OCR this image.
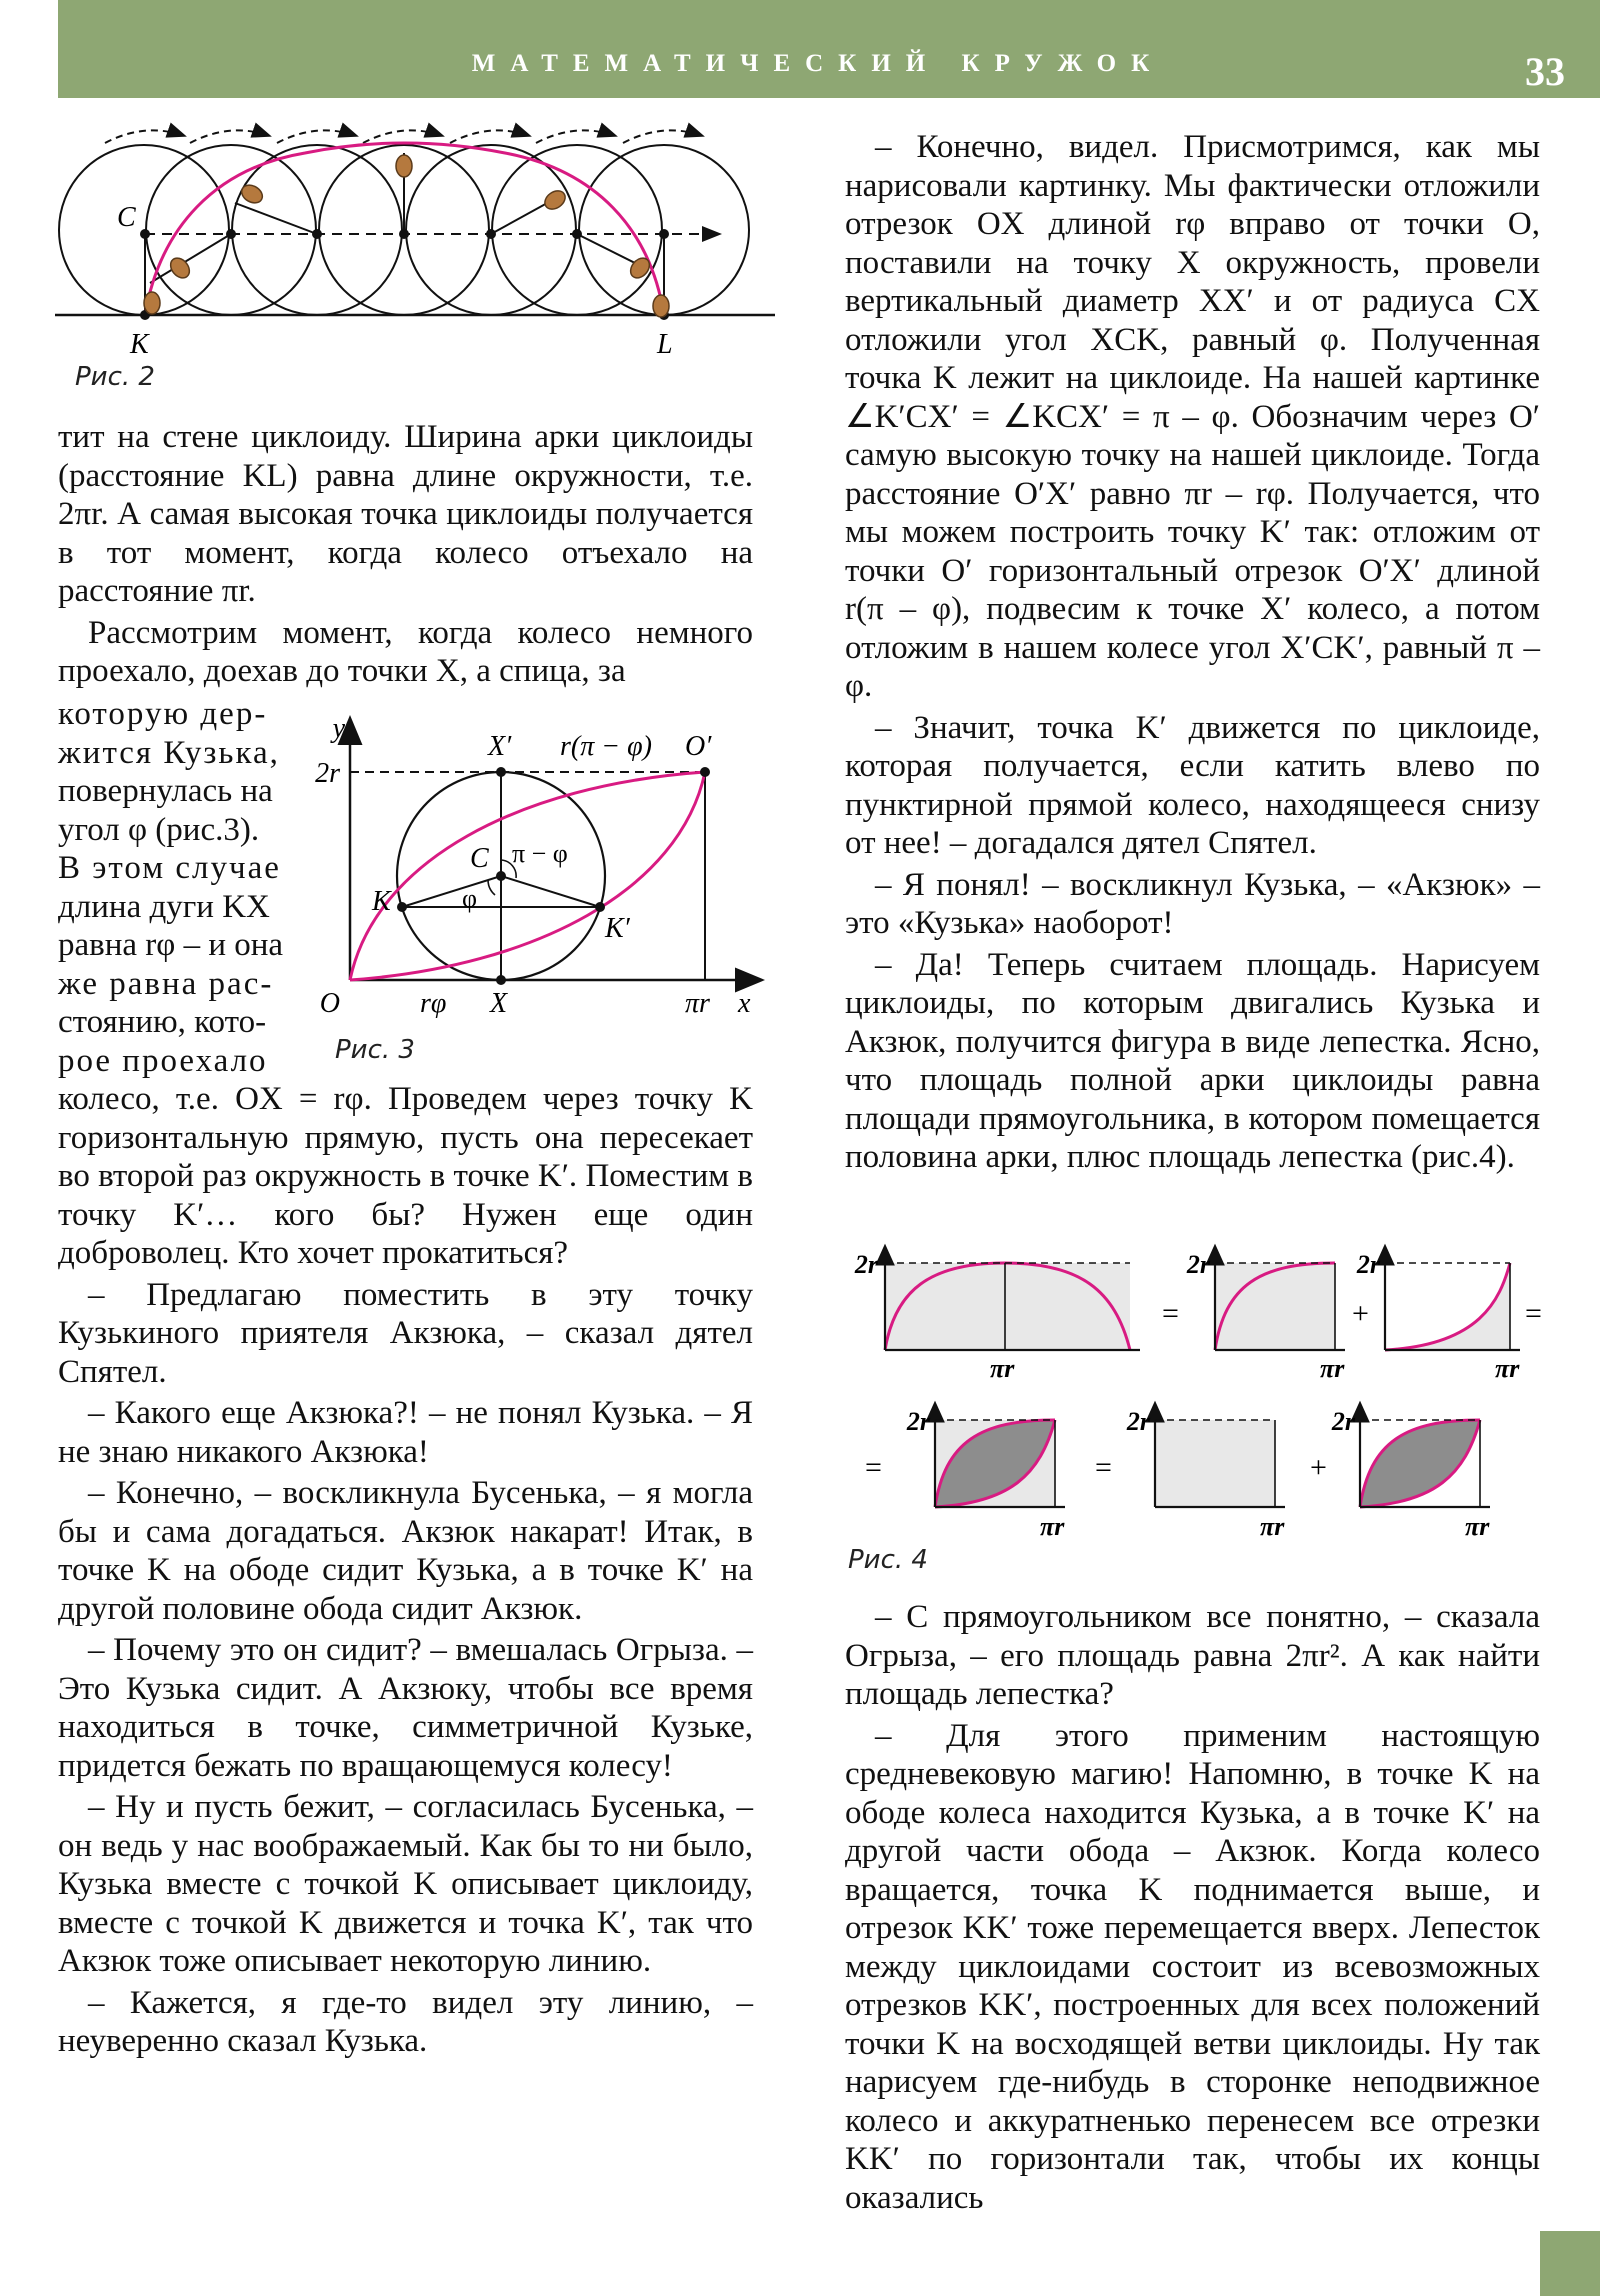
МАТЕМАТИЧЕСКИЙ КРУЖОК	33
C
K	L
Рис. 2

тит на стене циклоиду. Ширина арки циклоиды (расстояние KL) равна длине окружности, т.е. 2πr. А самая высокая точка циклоиды получается в тот момент, когда колесо отъехало на расстояние πr.

Рассмотрим момент, когда колесо немного проехало, доехав до точки X, а спица, за

которую дер-
жится Кузька,
повернулась на
угол φ (рис.3).
В этом случае
длина дуги KX
равна rφ – и она
же равна рас-
стоянию, кото-
рое проехало
y
2r
X′ r(π − φ) O′
C π − φ
K	φ
K′
O	rφ X	πr x
Рис. 3

колесо, т.е. OX = rφ. Проведем через точку K горизонтальную прямую, пусть она пересекает во второй раз окружность в точке K′. Поместим в точку K′… кого бы? Нужен еще один доброволец. Кто хочет прокатиться?

– Предлагаю поместить в эту точку Кузькиного приятеля Акзюка, – сказал дятел Спятел.

– Какого еще Акзюка?! – не понял Кузька. – Я не знаю никакого Акзюка!

– Конечно, – воскликнула Бусенька, – я могла бы и сама догадаться. Акзюк накарат! Итак, в точке K на ободе сидит Кузька, а в точке K′ на другой половине обода сидит Акзюк.

– Почему это он сидит? – вмешалась Огрыза. – Это Кузька сидит. А Акзюку, чтобы все время находиться в точке, симметричной Кузьке, придется бежать по вращающемуся колесу!

– Ну и пусть бежит, – согласилась Бусенька, – он ведь у нас воображаемый. Как бы то ни было, Кузька вместе с точкой K описывает циклоиду, вместе с точкой K движется и точка K′, так что Акзюк тоже описывает некоторую линию.

– Кажется, я где-то видел эту линию, – неуверенно сказал Кузька.

– Конечно, видел. Присмотримся, как мы нарисовали картинку. Мы фактически отложили отрезок OX длиной rφ вправо от точки O, поставили на точку X окружность, провели вертикальный диаметр XX′ и от радиуса CX отложили угол XCK, равный φ. Полученная точка K лежит на циклоиде. На нашей картинке ∠K′CX′ = ∠KCX′ = π – φ. Обозначим через O′ самую высокую точку на нашей циклоиде. Тогда расстояние O′X′ равно πr – rφ. Получается, что мы можем построить точку K′ так: отложим от точки O′ горизонтальный отрезок O′X′ длиной r(π – φ), подвесим к точке X′ колесо, а потом отложим в нашем колесе угол X′CK′, равный π – φ.

– Значит, точка K′ движется по циклоиде, которая получается, если катить влево по пунктирной прямой колесо, находящееся снизу от нее! – догадался дятел Спятел.

– Я понял! – воскликнул Кузька, – «Акзюк» – это «Кузька» наоборот!

– Да! Теперь считаем площадь. Нарисуем циклоиды, по которым двигались Кузька и Акзюк, получится фигура в виде лепестка. Ясно, что площадь полной арки циклоиды равна площади прямоугольника, в котором помещается половина арки, плюс площадь лепестка (рис.4).

2r	2r	2r
2r	2r	2r
πr	πr	πr
πr	πr	πr
=	+	=
=	=	+
Рис. 4

– С прямоугольником все понятно, – сказала Огрыза, – его площадь равна 2πr². А как найти площадь лепестка?

– Для этого применим настоящую средневековую магию! Напомню, в точке K на ободе колеса находится Кузька, а в точке K′ на другой части обода – Акзюк. Когда колесо вращается, точка K поднимается выше, и отрезок KK′ тоже перемещается вверх. Лепесток между циклоидами состоит из всевозможных отрезков KK′, построенных для всех положений точки K на восходящей ветви циклоиды. Ну так нарисуем где-нибудь в сторонке неподвижное колесо и аккуратненько перенесем все отрезки KK′ по горизонтали так, чтобы их концы оказались
